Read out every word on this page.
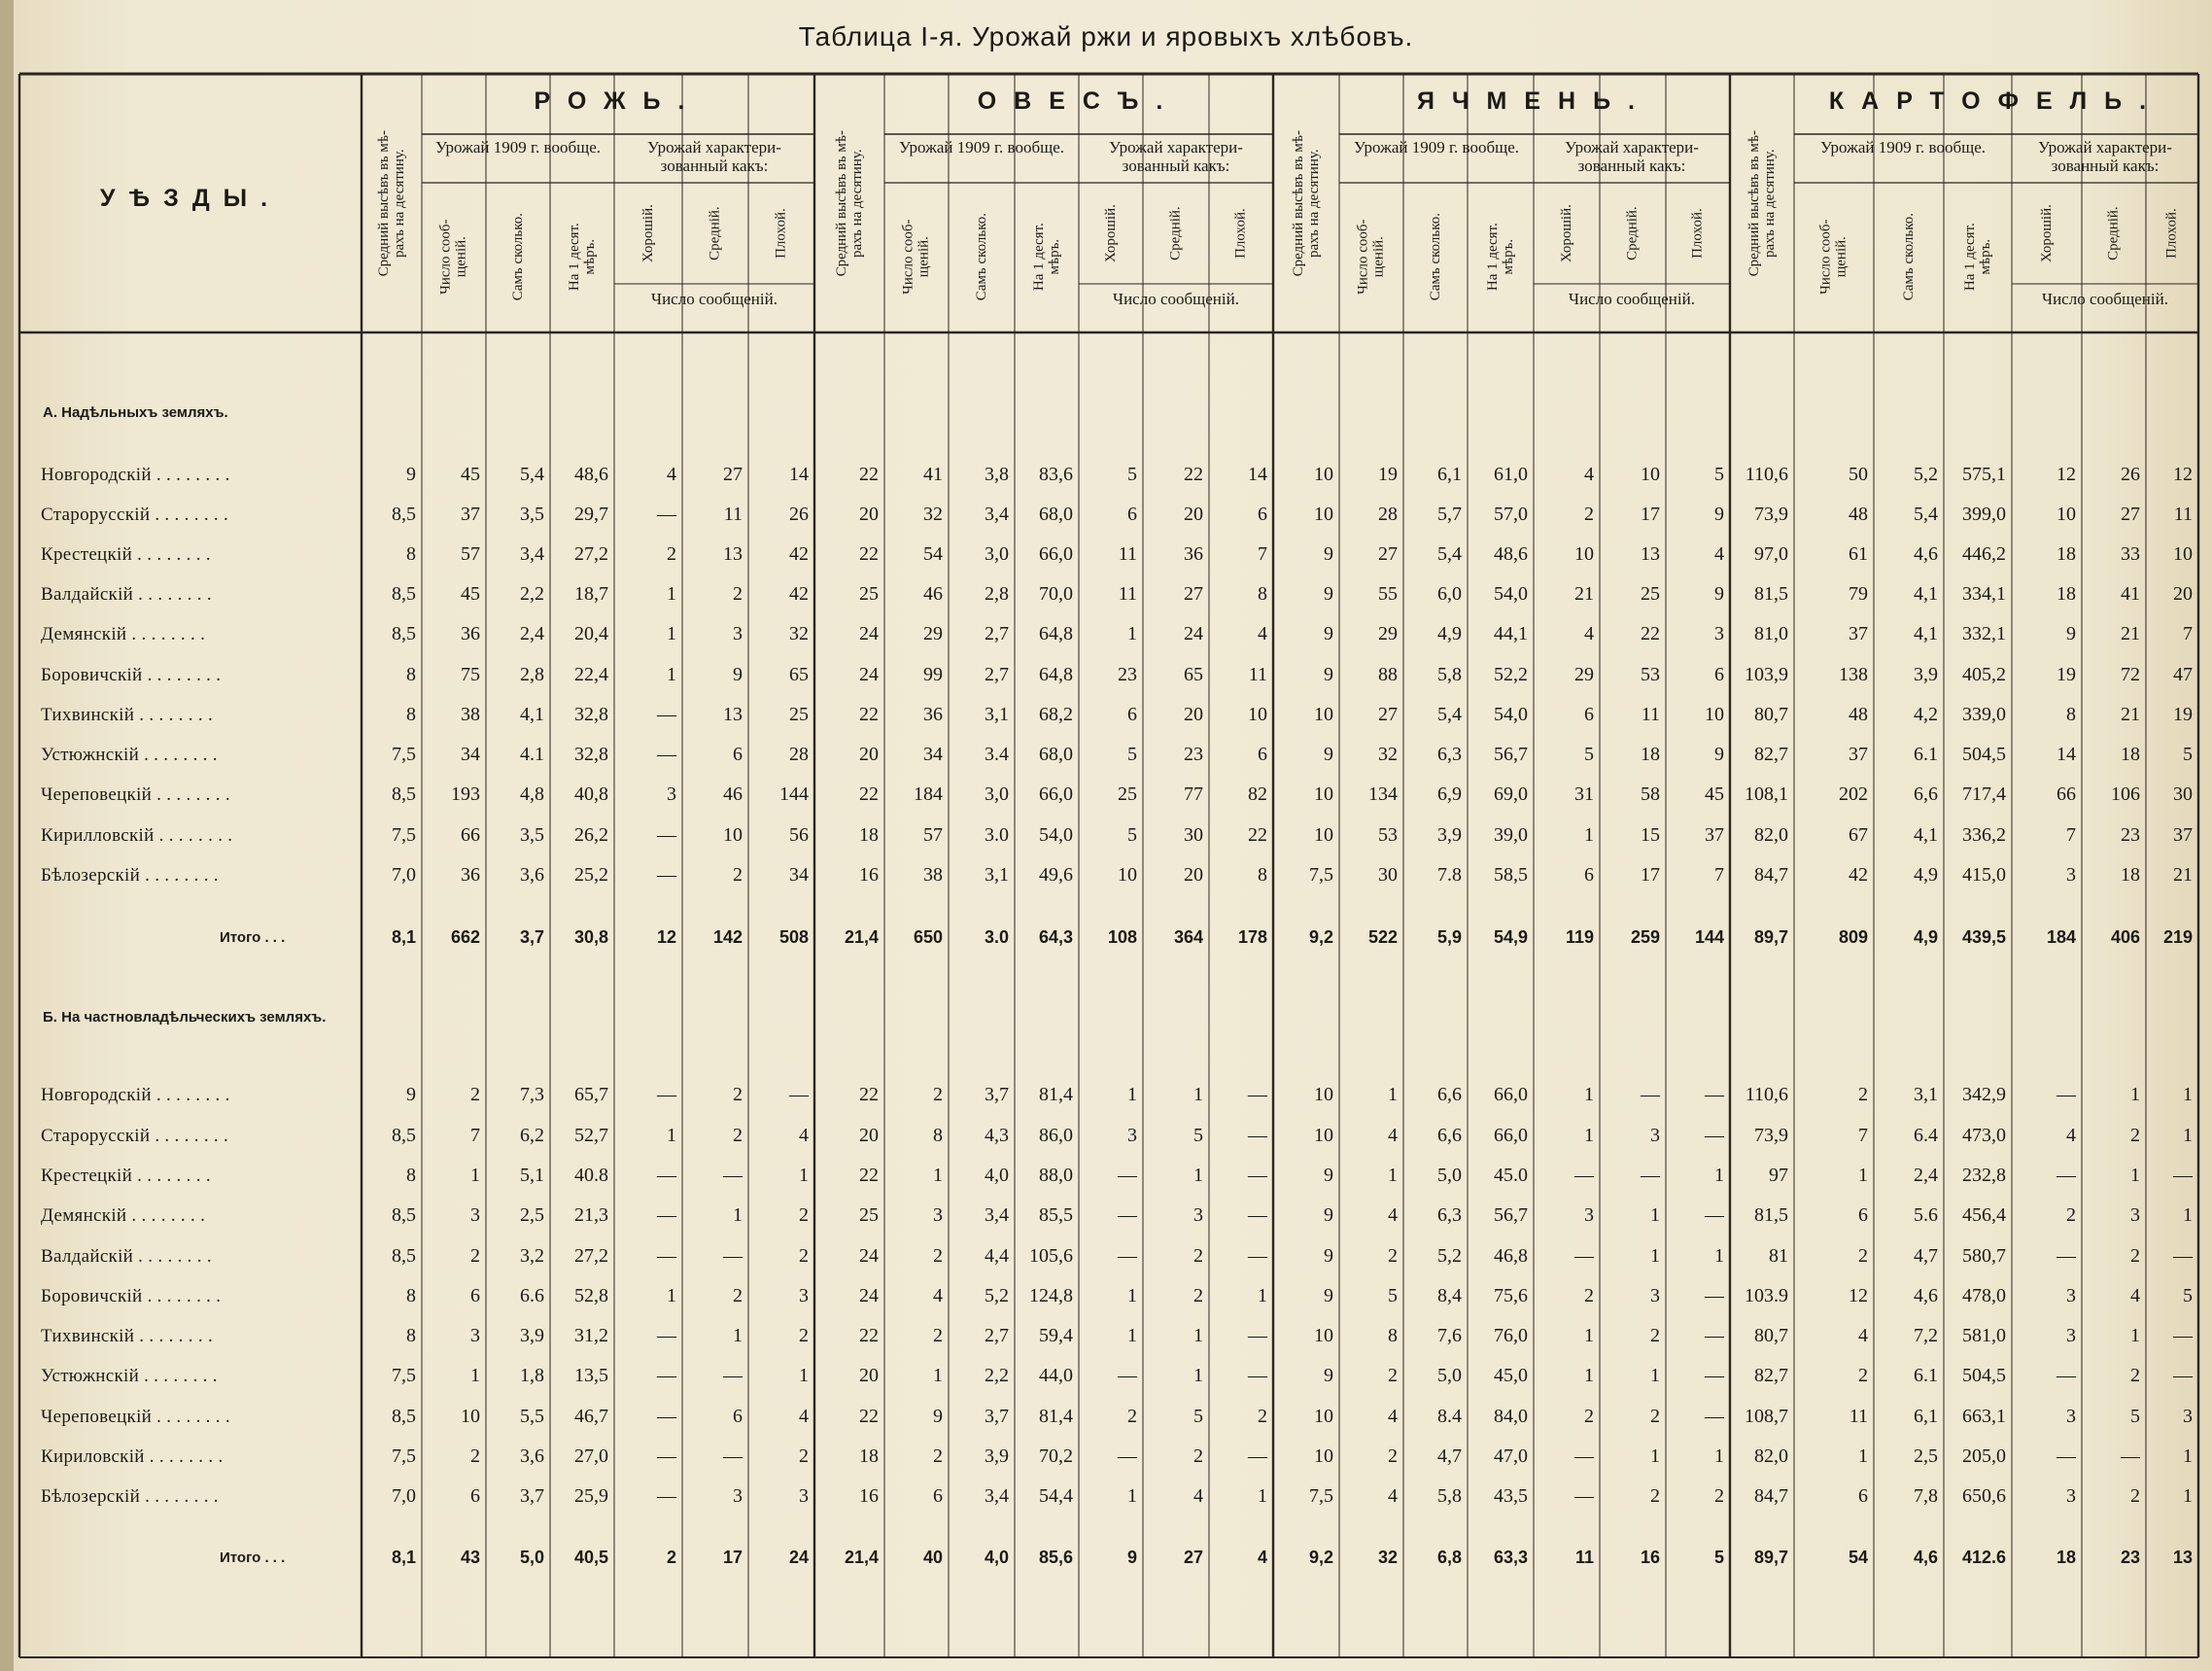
Таблица I-я. Урожай ржи и яровыхъ хлѣбовъ.
УѢЗДЫ.
Средний высѣвъ въ мѣ-
рахъ на десятину.
РОЖЬ.
Урожай 1909 г. вообще.	Урожай характери- зованный какъ:
Число сооб-
щеній.	Самъ сколько.	На 1 десят.
мѣръ.	Хорошій.	Средній.	Плохой.
Число сообщеній.
Средний высѣвъ въ мѣ-
рахъ на десятину.
ОВЕСЪ.
Урожай 1909 г. вообще.	Урожай характери- зованный какъ:
Число сооб-
щеній.	Самъ сколько.	На 1 десят.
мѣръ.	Хорошій.	Средній.	Плохой.
Число сообщеній.
Средний высѣвъ въ мѣ-
рахъ на десятину.
ЯЧМЕНЬ.
Урожай 1909 г. вообще.	Урожай характери- зованный какъ:
Число сооб-
щеній.	Самъ сколько.	На 1 десят.
мѣръ.	Хорошій.	Средній.	Плохой.
Число сообщеній.
Средний высѣвъ въ мѣ-
рахъ на десятину.
КАРТОФЕЛЬ.
Урожай 1909 г. вообще.	Урожай характери- зованный какъ:
Число сооб-
щеній.	Самъ сколько.	На 1 десят.
мѣръ.	Хорошій.	Средній.	Плохой.
Число сообщеній.
А. Надѣльныхъ земляхъ.
Новгородскій . . . . . . . .	9	45	5,4	48,6	4	27	14	22	41	3,8	83,6	5	22	14	10	19	6,1	61,0	4	10	5	110,6	50	5,2	575,1	12	26	12
Старорусскій . . . . . . . .	8,5	37	3,5	29,7	—	11	26	20	32	3,4	68,0	6	20	6	10	28	5,7	57,0	2	17	9	73,9	48	5,4	399,0	10	27	11
Крестецкій . . . . . . . .	8	57	3,4	27,2	2	13	42	22	54	3,0	66,0	11	36	7	9	27	5,4	48,6	10	13	4	97,0	61	4,6	446,2	18	33	10
Валдайскій . . . . . . . .	8,5	45	2,2	18,7	1	2	42	25	46	2,8	70,0	11	27	8	9	55	6,0	54,0	21	25	9	81,5	79	4,1	334,1	18	41	20
Демянскій . . . . . . . .	8,5	36	2,4	20,4	1	3	32	24	29	2,7	64,8	1	24	4	9	29	4,9	44,1	4	22	3	81,0	37	4,1	332,1	9	21	7
Боровичскій . . . . . . . .	8	75	2,8	22,4	1	9	65	24	99	2,7	64,8	23	65	11	9	88	5,8	52,2	29	53	6	103,9	138	3,9	405,2	19	72	47
Тихвинскій . . . . . . . .	8	38	4,1	32,8	—	13	25	22	36	3,1	68,2	6	20	10	10	27	5,4	54,0	6	11	10	80,7	48	4,2	339,0	8	21	19
Устюжнскій . . . . . . . .	7,5	34	4.1	32,8	—	6	28	20	34	3.4	68,0	5	23	6	9	32	6,3	56,7	5	18	9	82,7	37	6.1	504,5	14	18	5
Череповецкій . . . . . . . .	8,5	193	4,8	40,8	3	46	144	22	184	3,0	66,0	25	77	82	10	134	6,9	69,0	31	58	45	108,1	202	6,6	717,4	66	106	30
Кирилловскій . . . . . . . .	7,5	66	3,5	26,2	—	10	56	18	57	3.0	54,0	5	30	22	10	53	3,9	39,0	1	15	37	82,0	67	4,1	336,2	7	23	37
Бѣлозерскій . . . . . . . .	7,0	36	3,6	25,2	—	2	34	16	38	3,1	49,6	10	20	8	7,5	30	7.8	58,5	6	17	7	84,7	42	4,9	415,0	3	18	21
Итого . . .	8,1	662	3,7	30,8	12	142	508	21,4	650	3.0	64,3	108	364	178	9,2	522	5,9	54,9	119	259	144	89,7	809	4,9	439,5	184	406	219
Б. На частновладѣльческихъ земляхъ.
Новгородскій . . . . . . . .	9	2	7,3	65,7	—	2	—	22	2	3,7	81,4	1	1	—	10	1	6,6	66,0	1	—	—	110,6	2	3,1	342,9	—	1	1
Старорусскій . . . . . . . .	8,5	7	6,2	52,7	1	2	4	20	8	4,3	86,0	3	5	—	10	4	6,6	66,0	1	3	—	73,9	7	6.4	473,0	4	2	1
Крестецкій . . . . . . . .	8	1	5,1	40.8	—	—	1	22	1	4,0	88,0	—	1	—	9	1	5,0	45.0	—	—	1	97	1	2,4	232,8	—	1	—
Демянскій . . . . . . . .	8,5	3	2,5	21,3	—	1	2	25	3	3,4	85,5	—	3	—	9	4	6,3	56,7	3	1	—	81,5	6	5.6	456,4	2	3	1
Валдайскій . . . . . . . .	8,5	2	3,2	27,2	—	—	2	24	2	4,4	105,6	—	2	—	9	2	5,2	46,8	—	1	1	81	2	4,7	580,7	—	2	—
Боровичскій . . . . . . . .	8	6	6.6	52,8	1	2	3	24	4	5,2	124,8	1	2	1	9	5	8,4	75,6	2	3	—	103.9	12	4,6	478,0	3	4	5
Тихвинскій . . . . . . . .	8	3	3,9	31,2	—	1	2	22	2	2,7	59,4	1	1	—	10	8	7,6	76,0	1	2	—	80,7	4	7,2	581,0	3	1	—
Устюжнскій . . . . . . . .	7,5	1	1,8	13,5	—	—	1	20	1	2,2	44,0	—	1	—	9	2	5,0	45,0	1	1	—	82,7	2	6.1	504,5	—	2	—
Череповецкій . . . . . . . .	8,5	10	5,5	46,7	—	6	4	22	9	3,7	81,4	2	5	2	10	4	8.4	84,0	2	2	—	108,7	11	6,1	663,1	3	5	3
Кириловскій . . . . . . . .	7,5	2	3,6	27,0	—	—	2	18	2	3,9	70,2	—	2	—	10	2	4,7	47,0	—	1	1	82,0	1	2,5	205,0	—	—	1
Бѣлозерскій . . . . . . . .	7,0	6	3,7	25,9	—	3	3	16	6	3,4	54,4	1	4	1	7,5	4	5,8	43,5	—	2	2	84,7	6	7,8	650,6	3	2	1
Итого . . .	8,1	43	5,0	40,5	2	17	24	21,4	40	4,0	85,6	9	27	4	9,2	32	6,8	63,3	11	16	5	89,7	54	4,6	412.6	18	23	13
